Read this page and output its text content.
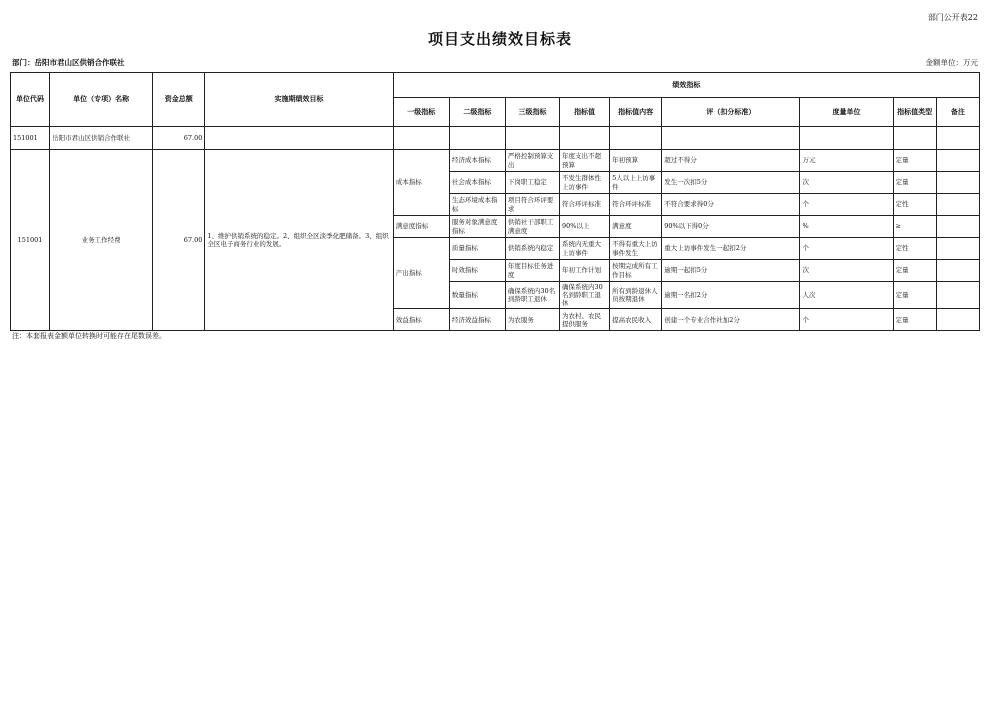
部门公开表22
项目支出绩效目标表
部门：岳阳市君山区供销合作联社	金额单位：万元
单位代码	单位（专项）名称	资金总额	实施期绩效目标	绩效指标								
				一级指标	二级指标	三级指标	指标值	指标值内容	评（扣分标准）	度量单位	指标值类型	备注
151001	岳阳市君山区供销合作联社	67.00										
151001	业务工作经费	67.00	1、维护供销系统的稳定。2、组织全区淡季化肥储备。3、组织全区电子商务行业的发展。	成本指标	经济成本指标	严格控制预算支出	年度支出不超预算	年初预算	超过不得分	万元	定量	
					社会成本指标	下岗职工稳定	不发生群体性上访事件	5人以上上访事件	发生一次扣5分	次	定量	
					生态环境成本指标	项目符合环评要求	符合环评标准	符合环评标准	不符合要求得0分	个	定性	
				满意度指标	服务对象满意度指标	供销社干部职工满意度	90%以上	满意度	90%以下得0分	%	≥	
				产出指标	质量指标	供销系统内稳定	系统内无重大上访事件	不得有重大上访事件发生	重大上访事件发生一起扣2分	个	定性	
					时效指标	年度目标任务进度	年初工作计划	按期完成所有工作目标	逾期一起扣5分	次	定量	
					数量指标	确保系统内30名到龄职工退休	确保系统内30名到龄职工退休	所有到龄退休人员按期退休	逾期一名扣2分	人次	定量	
				效益指标	经济效益指标	为农服务	为农村、农民提供服务	提高农民收入	创建一个专业合作社加2分	个	定量	
注：本套报表金额单位转换时可能存在尾数误差。
